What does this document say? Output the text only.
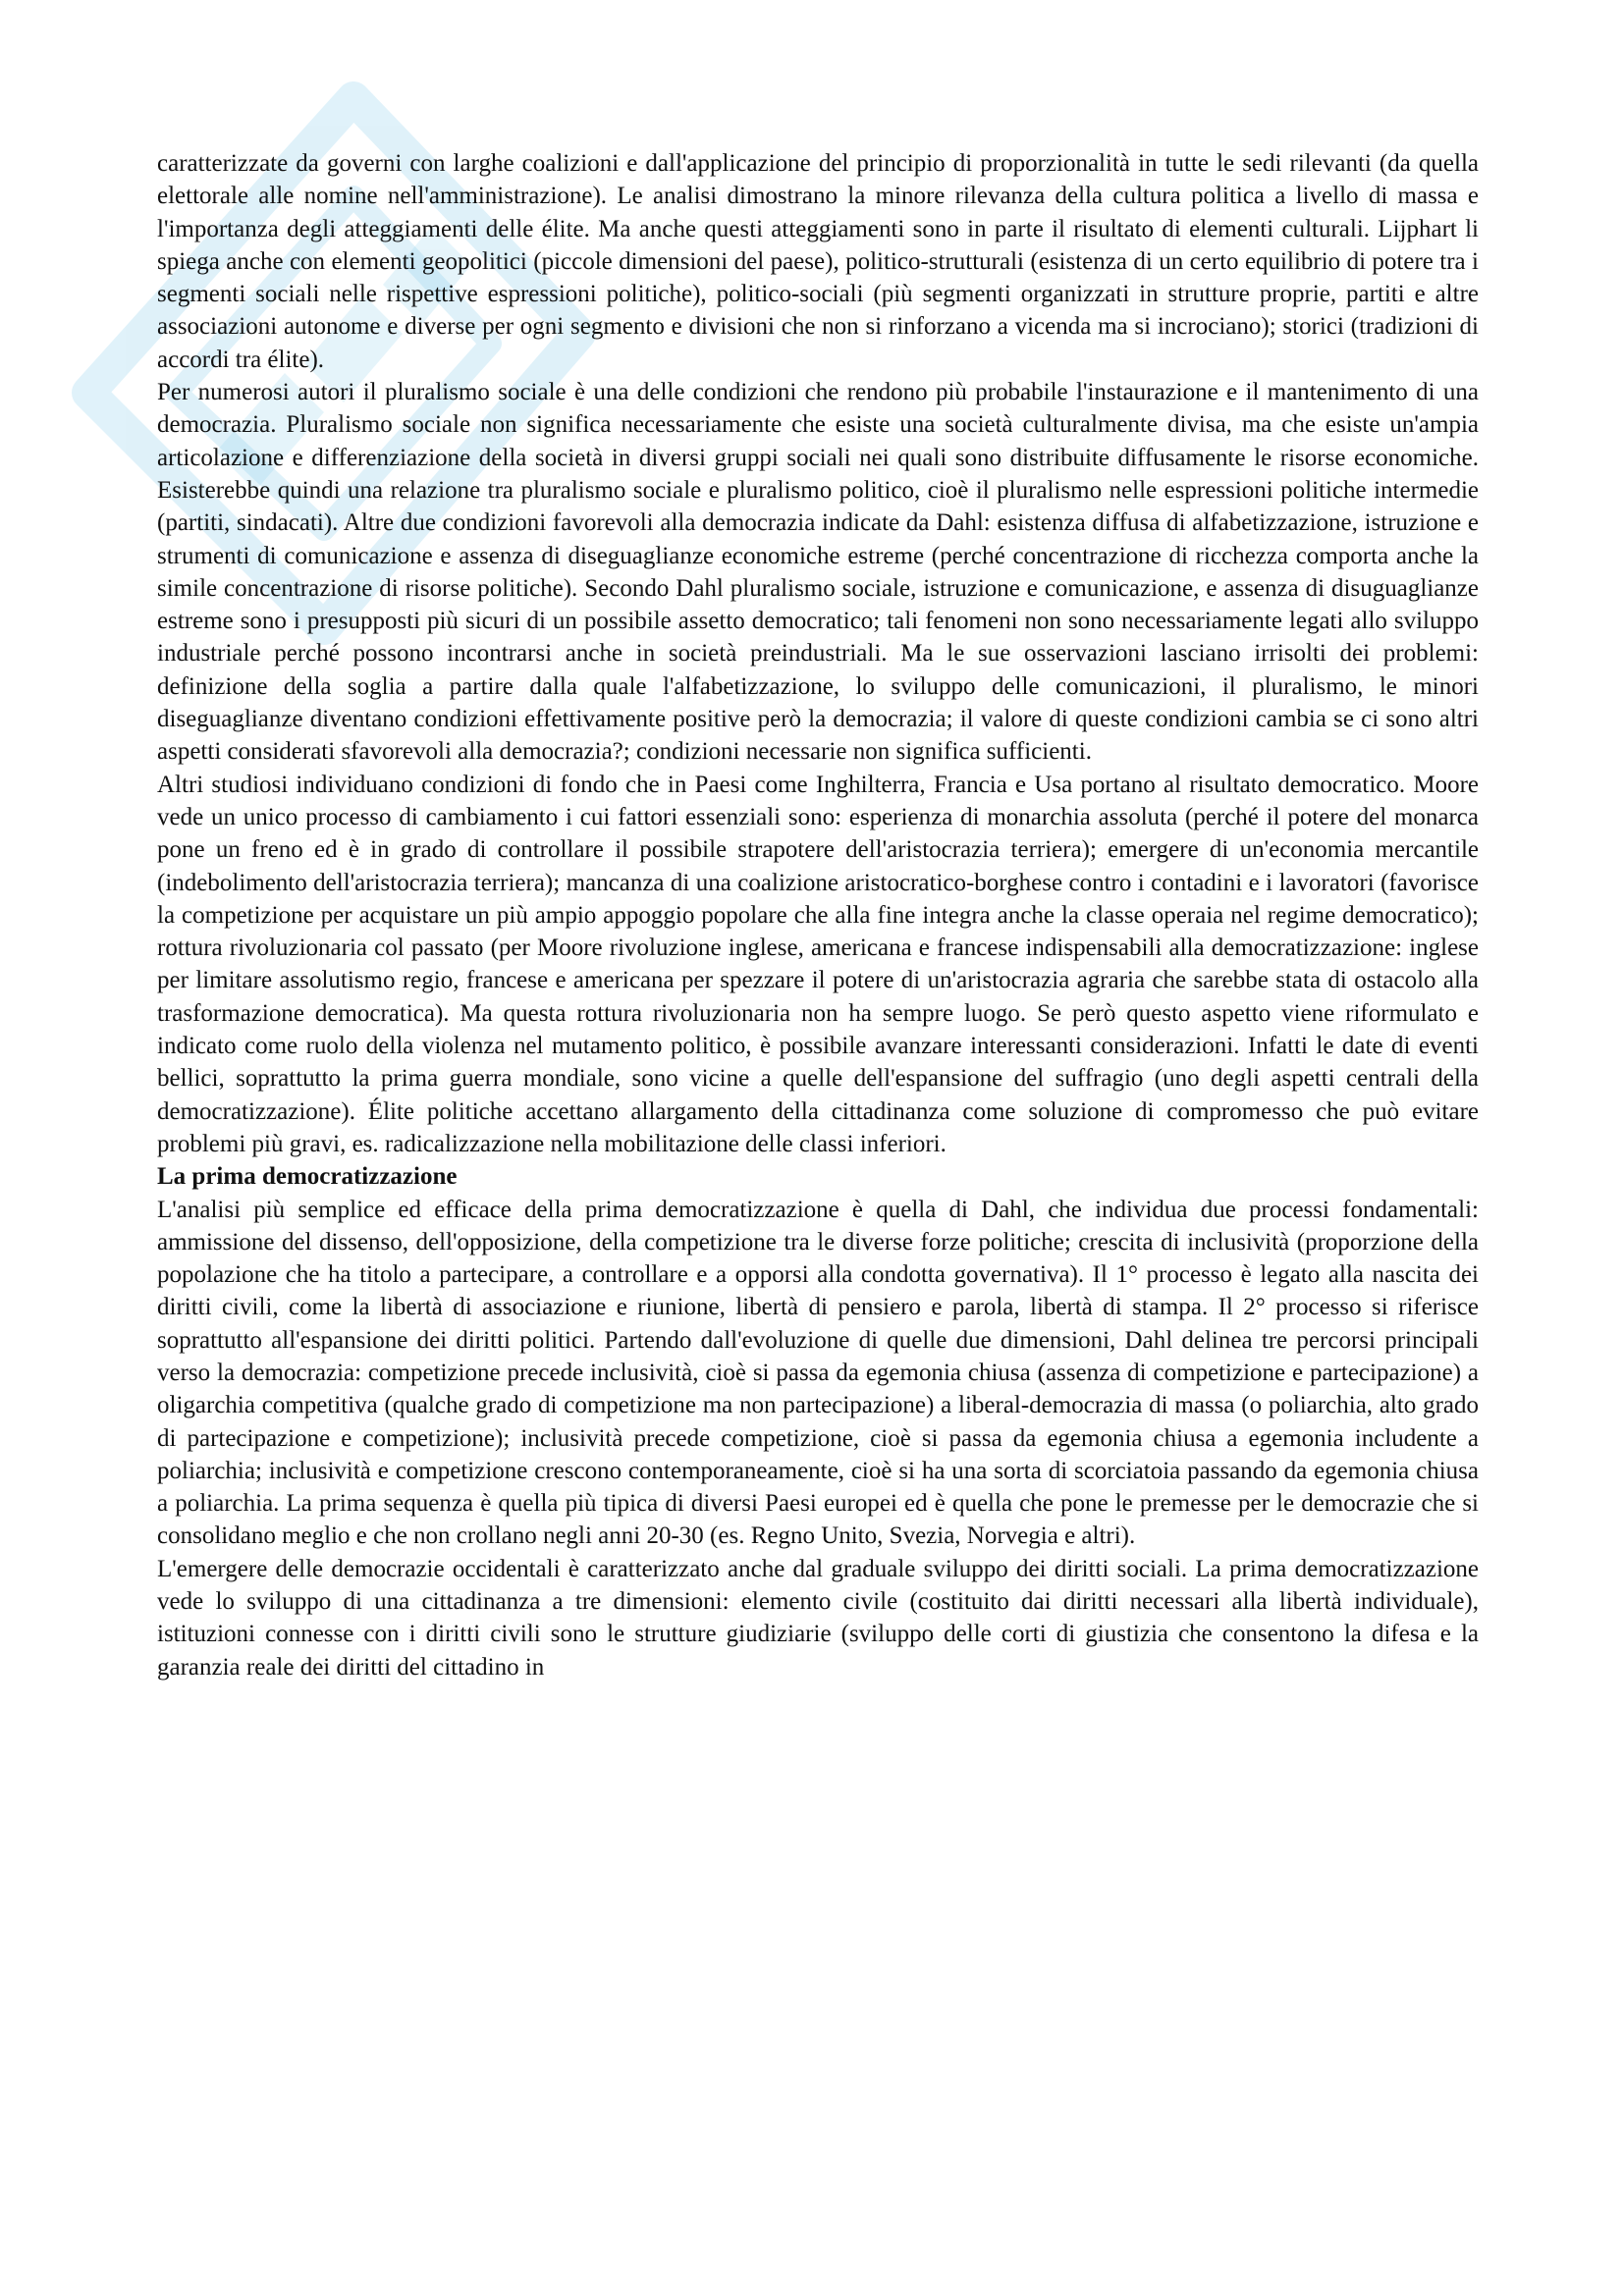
caratterizzate da governi con larghe coalizioni e dall'applicazione del principio di proporzionalità in tutte le sedi rilevanti (da quella elettorale alle nomine nell'amministrazione). Le analisi dimostrano la minore rilevanza della cultura politica a livello di massa e l'importanza degli atteggiamenti delle élite. Ma anche questi atteggiamenti sono in parte il risultato di elementi culturali. Lijphart li spiega anche con elementi geopolitici (piccole dimensioni del paese), politico-strutturali (esistenza di un certo equilibrio di potere tra i segmenti sociali nelle rispettive espressioni politiche), politico-sociali (più segmenti organizzati in strutture proprie, partiti e altre associazioni autonome e diverse per ogni segmento e divisioni che non si rinforzano a vicenda ma si incrociano); storici (tradizioni di accordi tra élite).

Per numerosi autori il pluralismo sociale è una delle condizioni che rendono più probabile l'instaurazione e il mantenimento di una democrazia. Pluralismo sociale non significa necessariamente che esiste una società culturalmente divisa, ma che esiste un'ampia articolazione e differenziazione della società in diversi gruppi sociali nei quali sono distribuite diffusamente le risorse economiche. Esisterebbe quindi una relazione tra pluralismo sociale e pluralismo politico, cioè il pluralismo nelle espressioni politiche intermedie (partiti, sindacati). Altre due condizioni favorevoli alla democrazia indicate da Dahl: esistenza diffusa di alfabetizzazione, istruzione e strumenti di comunicazione e assenza di diseguaglianze economiche estreme (perché concentrazione di ricchezza comporta anche la simile concentrazione di risorse politiche). Secondo Dahl pluralismo sociale, istruzione e comunicazione, e assenza di disuguaglianze estreme sono i presupposti più sicuri di un possibile assetto democratico; tali fenomeni non sono necessariamente legati allo sviluppo industriale perché possono incontrarsi anche in società preindustriali. Ma le sue osservazioni lasciano irrisolti dei problemi: definizione della soglia a partire dalla quale l'alfabetizzazione, lo sviluppo delle comunicazioni, il pluralismo, le minori diseguaglianze diventano condizioni effettivamente positive però la democrazia; il valore di queste condizioni cambia se ci sono altri aspetti considerati sfavorevoli alla democrazia?; condizioni necessarie non significa sufficienti.

Altri studiosi individuano condizioni di fondo che in Paesi come Inghilterra, Francia e Usa portano al risultato democratico. Moore vede un unico processo di cambiamento i cui fattori essenziali sono: esperienza di monarchia assoluta (perché il potere del monarca pone un freno ed è in grado di controllare il possibile strapotere dell'aristocrazia terriera); emergere di un'economia mercantile (indebolimento dell'aristocrazia terriera); mancanza di una coalizione aristocratico-borghese contro i contadini e i lavoratori (favorisce la competizione per acquistare un più ampio appoggio popolare che alla fine integra anche la classe operaia nel regime democratico); rottura rivoluzionaria col passato (per Moore rivoluzione inglese, americana e francese indispensabili alla democratizzazione: inglese per limitare assolutismo regio, francese e americana per spezzare il potere di un'aristocrazia agraria che sarebbe stata di ostacolo alla trasformazione democratica). Ma questa rottura rivoluzionaria non ha sempre luogo. Se però questo aspetto viene riformulato e indicato come ruolo della violenza nel mutamento politico, è possibile avanzare interessanti considerazioni. Infatti le date di eventi bellici, soprattutto la prima guerra mondiale, sono vicine a quelle dell'espansione del suffragio (uno degli aspetti centrali della democratizzazione). Élite politiche accettano allargamento della cittadinanza come soluzione di compromesso che può evitare problemi più gravi, es. radicalizzazione nella mobilitazione delle classi inferiori.

La prima democratizzazione

L'analisi più semplice ed efficace della prima democratizzazione è quella di Dahl, che individua due processi fondamentali: ammissione del dissenso, dell'opposizione, della competizione tra le diverse forze politiche; crescita di inclusività (proporzione della popolazione che ha titolo a partecipare, a controllare e a opporsi alla condotta governativa). Il 1° processo è legato alla nascita dei diritti civili, come la libertà di associazione e riunione, libertà di pensiero e parola, libertà di stampa. Il 2° processo si riferisce soprattutto all'espansione dei diritti politici. Partendo dall'evoluzione di quelle due dimensioni, Dahl delinea tre percorsi principali verso la democrazia: competizione precede inclusività, cioè si passa da egemonia chiusa (assenza di competizione e partecipazione) a oligarchia competitiva (qualche grado di competizione ma non partecipazione) a liberal-democrazia di massa (o poliarchia, alto grado di partecipazione e competizione); inclusività precede competizione, cioè si passa da egemonia chiusa a egemonia includente a poliarchia; inclusività e competizione crescono contemporaneamente, cioè si ha una sorta di scorciatoia passando da egemonia chiusa a poliarchia. La prima sequenza è quella più tipica di diversi Paesi europei ed è quella che pone le premesse per le democrazie che si consolidano meglio e che non crollano negli anni 20-30 (es. Regno Unito, Svezia, Norvegia e altri).

L'emergere delle democrazie occidentali è caratterizzato anche dal graduale sviluppo dei diritti sociali. La prima democratizzazione vede lo sviluppo di una cittadinanza a tre dimensioni: elemento civile (costituito dai diritti necessari alla libertà individuale), istituzioni connesse con i diritti civili sono le strutture giudiziarie (sviluppo delle corti di giustizia che consentono la difesa e la garanzia reale dei diritti del cittadino in
